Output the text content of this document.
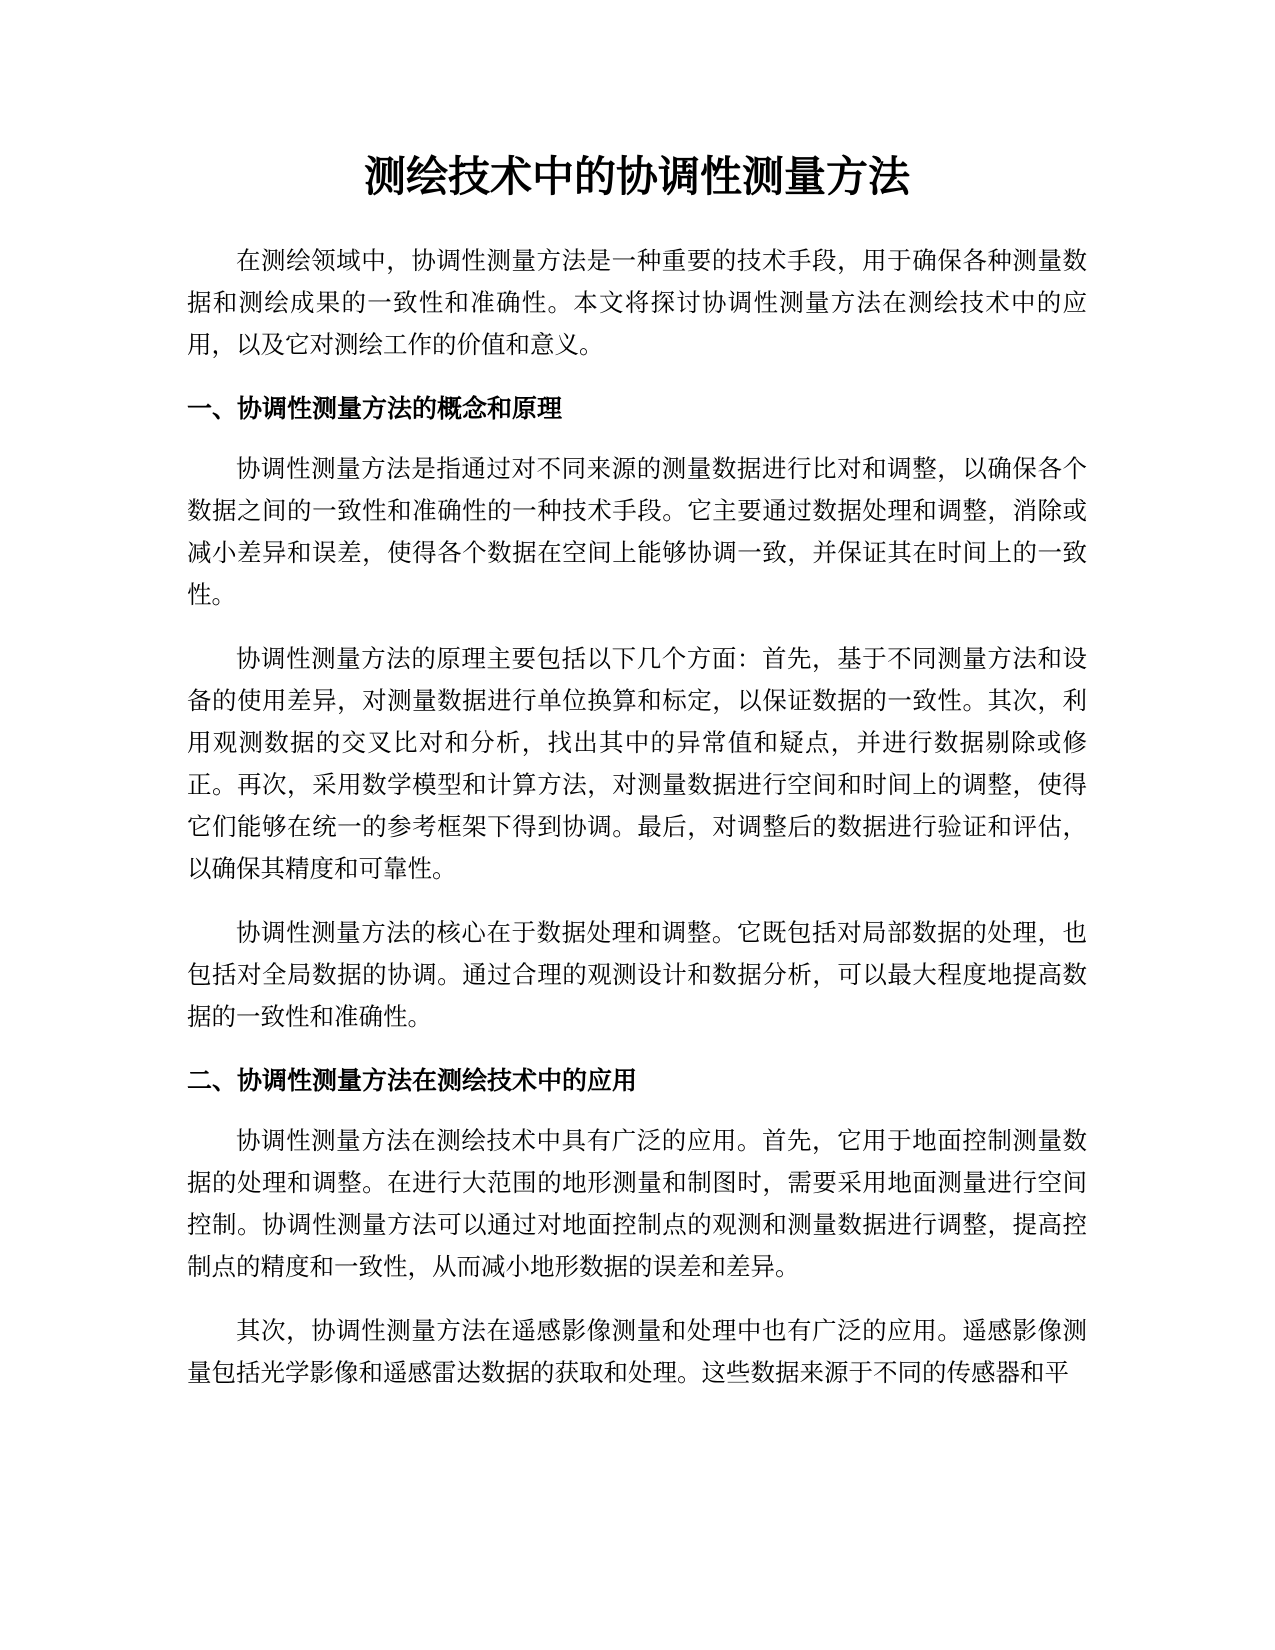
测绘技术中的协调性测量方法

在测绘领域中，协调性测量方法是一种重要的技术手段，用于确保各种测量数据和测绘成果的一致性和准确性。本文将探讨协调性测量方法在测绘技术中的应用，以及它对测绘工作的价值和意义。

一、协调性测量方法的概念和原理

协调性测量方法是指通过对不同来源的测量数据进行比对和调整，以确保各个数据之间的一致性和准确性的一种技术手段。它主要通过数据处理和调整，消除或减小差异和误差，使得各个数据在空间上能够协调一致，并保证其在时间上的一致性。

协调性测量方法的原理主要包括以下几个方面：首先，基于不同测量方法和设备的使用差异，对测量数据进行单位换算和标定，以保证数据的一致性。其次，利用观测数据的交叉比对和分析，找出其中的异常值和疑点，并进行数据剔除或修正。再次，采用数学模型和计算方法，对测量数据进行空间和时间上的调整，使得它们能够在统一的参考框架下得到协调。最后，对调整后的数据进行验证和评估，以确保其精度和可靠性。

协调性测量方法的核心在于数据处理和调整。它既包括对局部数据的处理，也包括对全局数据的协调。通过合理的观测设计和数据分析，可以最大程度地提高数据的一致性和准确性。

二、协调性测量方法在测绘技术中的应用

协调性测量方法在测绘技术中具有广泛的应用。首先，它用于地面控制测量数据的处理和调整。在进行大范围的地形测量和制图时，需要采用地面测量进行空间控制。协调性测量方法可以通过对地面控制点的观测和测量数据进行调整，提高控制点的精度和一致性，从而减小地形数据的误差和差异。

其次，协调性测量方法在遥感影像测量和处理中也有广泛的应用。遥感影像测量包括光学影像和遥感雷达数据的获取和处理。这些数据来源于不同的传感器和平
